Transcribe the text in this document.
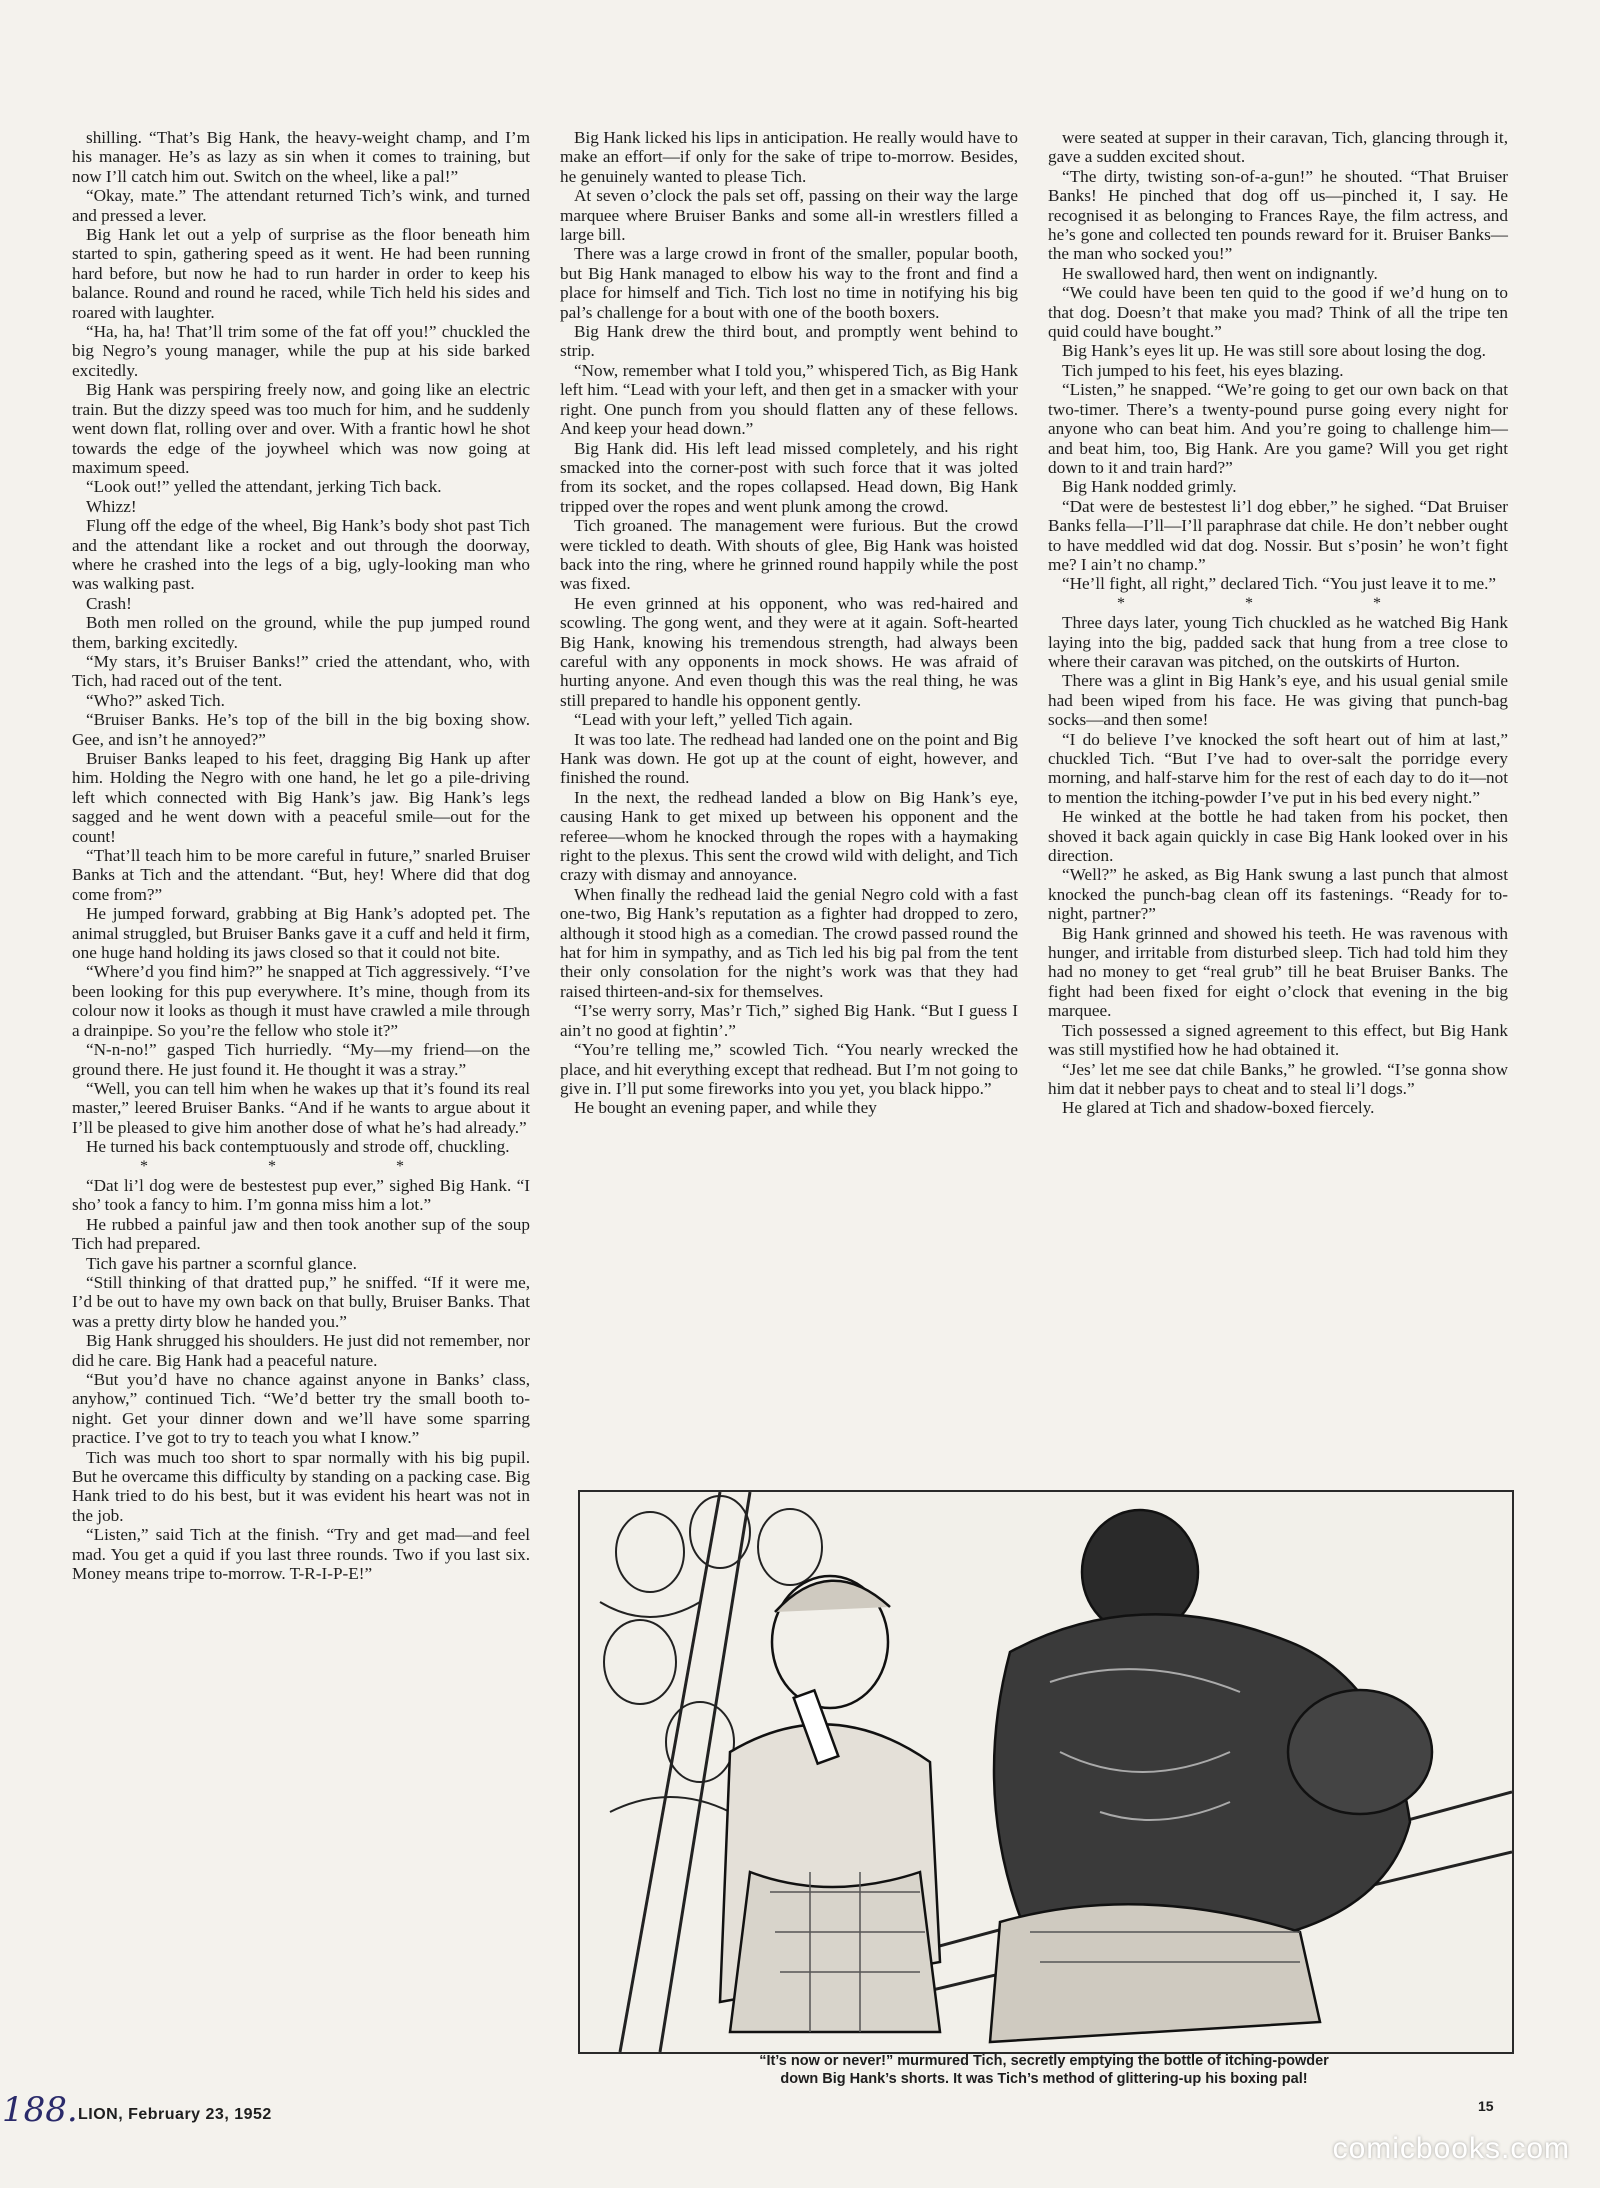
shilling. “That’s Big Hank, the heavy-weight champ, and I’m his manager. He’s as lazy as sin when it comes to training, but now I’ll catch him out. Switch on the wheel, like a pal!”

“Okay, mate.” The attendant returned Tich’s wink, and turned and pressed a lever.

Big Hank let out a yelp of surprise as the floor beneath him started to spin, gathering speed as it went. He had been running hard before, but now he had to run harder in order to keep his balance. Round and round he raced, while Tich held his sides and roared with laughter.

“Ha, ha, ha! That’ll trim some of the fat off you!” chuckled the big Negro’s young manager, while the pup at his side barked excitedly.

Big Hank was perspiring freely now, and going like an electric train. But the dizzy speed was too much for him, and he suddenly went down flat, rolling over and over. With a frantic howl he shot towards the edge of the joywheel which was now going at maximum speed.

“Look out!” yelled the attendant, jerking Tich back.

Whizz!

Flung off the edge of the wheel, Big Hank’s body shot past Tich and the attendant like a rocket and out through the doorway, where he crashed into the legs of a big, ugly-looking man who was walking past.

Crash!

Both men rolled on the ground, while the pup jumped round them, barking excitedly.

“My stars, it’s Bruiser Banks!” cried the attendant, who, with Tich, had raced out of the tent.

“Who?” asked Tich.

“Bruiser Banks. He’s top of the bill in the big boxing show. Gee, and isn’t he annoyed?”

Bruiser Banks leaped to his feet, dragging Big Hank up after him. Holding the Negro with one hand, he let go a pile-driving left which connected with Big Hank’s jaw. Big Hank’s legs sagged and he went down with a peaceful smile—out for the count!

“That’ll teach him to be more careful in future,” snarled Bruiser Banks at Tich and the attendant. “But, hey! Where did that dog come from?”

He jumped forward, grabbing at Big Hank’s adopted pet. The animal struggled, but Bruiser Banks gave it a cuff and held it firm, one huge hand holding its jaws closed so that it could not bite.

“Where’d you find him?” he snapped at Tich aggressively. “I’ve been looking for this pup everywhere. It’s mine, though from its colour now it looks as though it must have crawled a mile through a drainpipe. So you’re the fellow who stole it?”

“N-n-no!” gasped Tich hurriedly. “My—my friend—on the ground there. He just found it. He thought it was a stray.”

“Well, you can tell him when he wakes up that it’s found its real master,” leered Bruiser Banks. “And if he wants to argue about it I’ll be pleased to give him another dose of what he’s had already.”

He turned his back contemptuously and strode off, chuckling.

* * *

“Dat li’l dog were de bestestest pup ever,” sighed Big Hank. “I sho’ took a fancy to him. I’m gonna miss him a lot.”

He rubbed a painful jaw and then took another sup of the soup Tich had prepared.

Tich gave his partner a scornful glance.

“Still thinking of that dratted pup,” he sniffed. “If it were me, I’d be out to have my own back on that bully, Bruiser Banks. That was a pretty dirty blow he handed you.”

Big Hank shrugged his shoulders. He just did not remember, nor did he care. Big Hank had a peaceful nature.

“But you’d have no chance against anyone in Banks’ class, anyhow,” continued Tich. “We’d better try the small booth to-night. Get your dinner down and we’ll have some sparring practice. I’ve got to try to teach you what I know.”

Tich was much too short to spar normally with his big pupil. But he overcame this difficulty by standing on a packing case. Big Hank tried to do his best, but it was evident his heart was not in the job.

“Listen,” said Tich at the finish. “Try and get mad—and feel mad. You get a quid if you last three rounds. Two if you last six. Money means tripe to-morrow. T-R-I-P-E!”

Big Hank licked his lips in anticipation. He really would have to make an effort—if only for the sake of tripe to-morrow. Besides, he genuinely wanted to please Tich.

At seven o’clock the pals set off, passing on their way the large marquee where Bruiser Banks and some all-in wrestlers filled a large bill.

There was a large crowd in front of the smaller, popular booth, but Big Hank managed to elbow his way to the front and find a place for himself and Tich. Tich lost no time in notifying his big pal’s challenge for a bout with one of the booth boxers.

Big Hank drew the third bout, and promptly went behind to strip.

“Now, remember what I told you,” whispered Tich, as Big Hank left him. “Lead with your left, and then get in a smacker with your right. One punch from you should flatten any of these fellows. And keep your head down.”

Big Hank did. His left lead missed completely, and his right smacked into the corner-post with such force that it was jolted from its socket, and the ropes collapsed. Head down, Big Hank tripped over the ropes and went plunk among the crowd.

Tich groaned. The management were furious. But the crowd were tickled to death. With shouts of glee, Big Hank was hoisted back into the ring, where he grinned round happily while the post was fixed.

He even grinned at his opponent, who was red-haired and scowling. The gong went, and they were at it again. Soft-hearted Big Hank, knowing his tremendous strength, had always been careful with any opponents in mock shows. He was afraid of hurting anyone. And even though this was the real thing, he was still prepared to handle his opponent gently.

“Lead with your left,” yelled Tich again.

It was too late. The redhead had landed one on the point and Big Hank was down. He got up at the count of eight, however, and finished the round.

In the next, the redhead landed a blow on Big Hank’s eye, causing Hank to get mixed up between his opponent and the referee—whom he knocked through the ropes with a haymaking right to the plexus. This sent the crowd wild with delight, and Tich crazy with dismay and annoyance.

When finally the redhead laid the genial Negro cold with a fast one-two, Big Hank’s reputation as a fighter had dropped to zero, although it stood high as a comedian. The crowd passed round the hat for him in sympathy, and as Tich led his big pal from the tent their only consolation for the night’s work was that they had raised thirteen-and-six for themselves.

“I’se werry sorry, Mas’r Tich,” sighed Big Hank. “But I guess I ain’t no good at fightin’.”

“You’re telling me,” scowled Tich. “You nearly wrecked the place, and hit everything except that redhead. But I’m not going to give in. I’ll put some fireworks into you yet, you black hippo.”

He bought an evening paper, and while they

were seated at supper in their caravan, Tich, glancing through it, gave a sudden excited shout.

“The dirty, twisting son-of-a-gun!” he shouted. “That Bruiser Banks! He pinched that dog off us—pinched it, I say. He recognised it as belonging to Frances Raye, the film actress, and he’s gone and collected ten pounds reward for it. Bruiser Banks—the man who socked you!”

He swallowed hard, then went on indignantly.

“We could have been ten quid to the good if we’d hung on to that dog. Doesn’t that make you mad? Think of all the tripe ten quid could have bought.”

Big Hank’s eyes lit up. He was still sore about losing the dog.

Tich jumped to his feet, his eyes blazing.

“Listen,” he snapped. “We’re going to get our own back on that two-timer. There’s a twenty-pound purse going every night for anyone who can beat him. And you’re going to challenge him—and beat him, too, Big Hank. Are you game? Will you get right down to it and train hard?”

Big Hank nodded grimly.

“Dat were de bestestest li’l dog ebber,” he sighed. “Dat Bruiser Banks fella—I’ll—I’ll paraphrase dat chile. He don’t nebber ought to have meddled wid dat dog. Nossir. But s’posin’ he won’t fight me? I ain’t no champ.”

“He’ll fight, all right,” declared Tich. “You just leave it to me.”

* * *

Three days later, young Tich chuckled as he watched Big Hank laying into the big, padded sack that hung from a tree close to where their caravan was pitched, on the outskirts of Hurton.

There was a glint in Big Hank’s eye, and his usual genial smile had been wiped from his face. He was giving that punch-bag socks—and then some!

“I do believe I’ve knocked the soft heart out of him at last,” chuckled Tich. “But I’ve had to over-salt the porridge every morning, and half-starve him for the rest of each day to do it—not to mention the itching-powder I’ve put in his bed every night.”

He winked at the bottle he had taken from his pocket, then shoved it back again quickly in case Big Hank looked over in his direction.

“Well?” he asked, as Big Hank swung a last punch that almost knocked the punch-bag clean off its fastenings. “Ready for to-night, partner?”

Big Hank grinned and showed his teeth. He was ravenous with hunger, and irritable from disturbed sleep. Tich had told him they had no money to get “real grub” till he beat Bruiser Banks. The fight had been fixed for eight o’clock that evening in the big marquee.

Tich possessed a signed agreement to this effect, but Big Hank was still mystified how he had obtained it.

“Jes’ let me see dat chile Banks,” he growled. “I’se gonna show him dat it nebber pays to cheat and to steal li’l dogs.”

He glared at Tich and shadow-boxed fiercely.

“It’s now or never!” murmured Tich, secretly emptying the bottle of itching-powder
down Big Hank’s shorts. It was Tich’s method of glittering-up his boxing pal!
LION, February 23, 1952	15
comicbooks.com
188.
